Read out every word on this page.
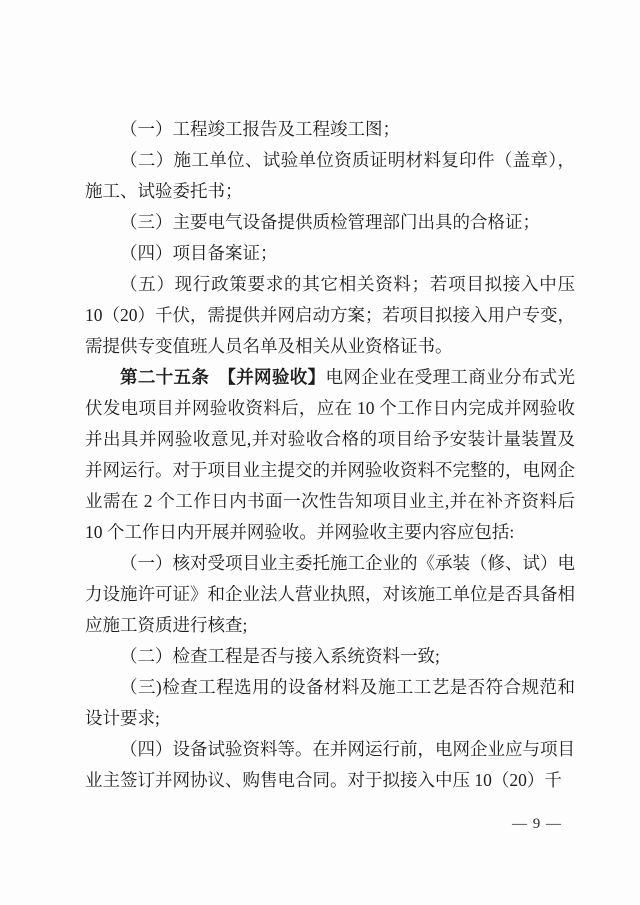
（一）工程竣工报告及工程竣工图；

（二）施工单位、试验单位资质证明材料复印件（盖章），施工、试验委托书；

（三）主要电气设备提供质检管理部门出具的合格证；

（四）项目备案证；

（五）现行政策要求的其它相关资料；若项目拟接入中压 10（20）千伏，需提供并网启动方案；若项目拟接入用户专变，需提供专变值班人员名单及相关从业资格证书。

第二十五条　【并网验收】电网企业在受理工商业分布式光伏发电项目并网验收资料后，应在 10 个工作日内完成并网验收并出具并网验收意见,并对验收合格的项目给予安装计量装置及并网运行。对于项目业主提交的并网验收资料不完整的，电网企业需在 2 个工作日内书面一次性告知项目业主,并在补齐资料后 10 个工作日内开展并网验收。并网验收主要内容应包括:

（一）核对受项目业主委托施工企业的《承装（修、试）电力设施许可证》和企业法人营业执照，对该施工单位是否具备相应施工资质进行核查;

（二）检查工程是否与接入系统资料一致;

（三)检查工程选用的设备材料及施工工艺是否符合规范和设计要求;

（四）设备试验资料等。在并网运行前，电网企业应与项目业主签订并网协议、购售电合同。对于拟接入中压 10（20）千

— 9 —
